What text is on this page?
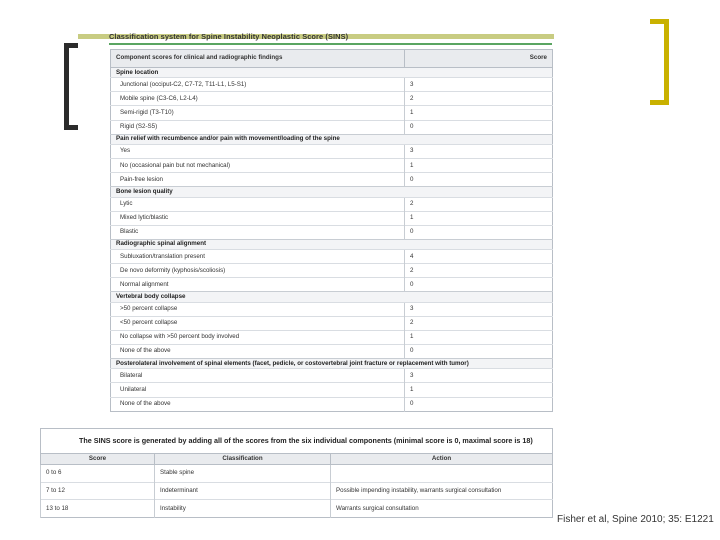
Classification system for Spine Instability Neoplastic Score (SINS)
Component scores for clinical and radiographic findings	Score
Spine location	
Junctional (occiput-C2, C7-T2, T11-L1, L5-S1)	3
Mobile spine (C3-C6, L2-L4)	2
Semi-rigid (T3-T10)	1
Rigid (S2-S5)	0
Pain relief with recumbence and/or pain with movement/loading of the spine	
Yes	3
No (occasional pain but not mechanical)	1
Pain-free lesion	0
Bone lesion quality	
Lytic	2
Mixed lytic/blastic	1
Blastic	0
Radiographic spinal alignment	
Subluxation/translation present	4
De novo deformity (kyphosis/scoliosis)	2
Normal alignment	0
Vertebral body collapse	
>50 percent collapse	3
<50 percent collapse	2
No collapse with >50 percent body involved	1
None of the above	0
Posterolateral involvement of spinal elements (facet, pedicle, or costovertebral joint fracture or replacement with tumor)	
Bilateral	3
Unilateral	1
None of the above	0
The SINS score is generated by adding all of the scores from the six individual components (minimal score is 0, maximal score is 18)		
Score	Classification	Action
0 to 6	Stable spine	
7 to 12	Indeterminant	Possible impending instability, warrants surgical consultation
13 to 18	Instability	Warrants surgical consultation
Fisher et al, Spine 2010; 35: E1221
